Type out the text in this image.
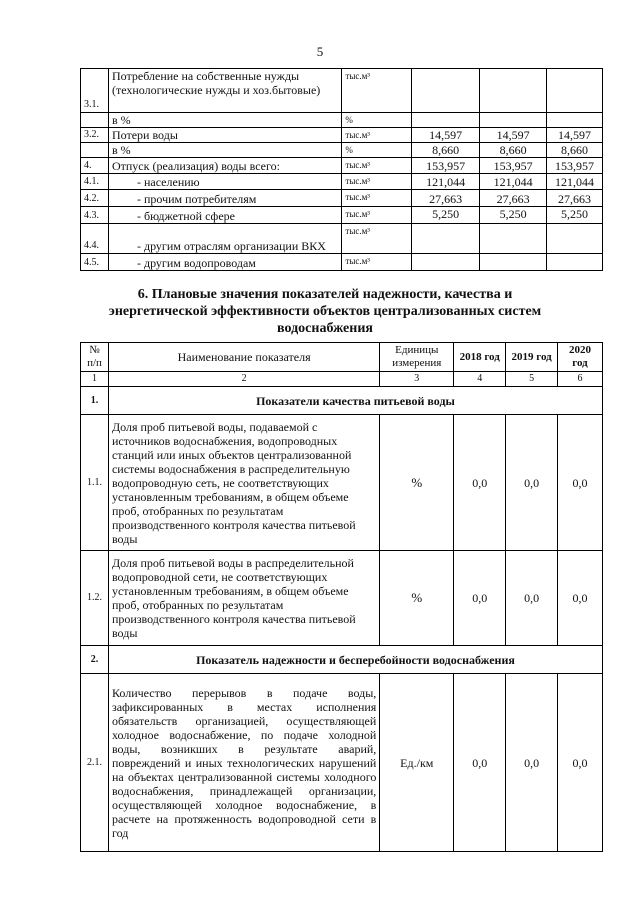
5
3.1.	Потребление на собственные нужды (технологические нужды и хоз.бытовые)	тыс.м³			
	в %	%			
3.2.	Потери воды	тыс.м³	14,597	14,597	14,597
	в %	%	8,660	8,660	8,660
4.	Отпуск (реализация) воды всего:	тыс.м³	153,957	153,957	153,957
4.1.	- населению	тыс.м³	121,044	121,044	121,044
4.2.	- прочим потребителям	тыс.м³	27,663	27,663	27,663
4.3.	- бюджетной сфере	тыс.м³	5,250	5,250	5,250
4.4.	- другим отраслям организации ВКХ	тыс.м³			
4.5.	- другим водопроводам	тыс.м³			
6. Плановые значения показателей надежности, качества и энергетической эффективности объектов централизованных систем водоснабжения
№ п/п	Наименование показателя	Единицы измерения	2018 год	2019 год	2020 год
1	2	3	4	5	6
1.	Показатели качества питьевой воды				
1.1.	Доля проб питьевой воды, подаваемой с источников водоснабжения, водопроводных станций или иных объектов централизованной системы водоснабжения в распределительную водопроводную сеть, не соответствующих установленным требованиям, в общем объеме проб, отобранных по результатам производственного контроля качества питьевой воды	%	0,0	0,0	0,0
1.2.	Доля проб питьевой воды в распределительной водопроводной сети, не соответствующих установленным требованиям, в общем объеме проб, отобранных по результатам производственного контроля качества питьевой воды	%	0,0	0,0	0,0
2.	Показатель надежности и бесперебойности водоснабжения				
2.1.	Количество перерывов в подаче воды, зафиксированных в местах исполнения обязательств организацией, осуществляющей холодное водоснабжение, по подаче холодной воды, возникших в результате аварий, повреждений и иных технологических нарушений на объектах централизованной системы холодного водоснабжения, принадлежащей организации, осуществляющей холодное водоснабжение, в расчете на протяженность водопроводной сети в год	Ед./км	0,0	0,0	0,0
